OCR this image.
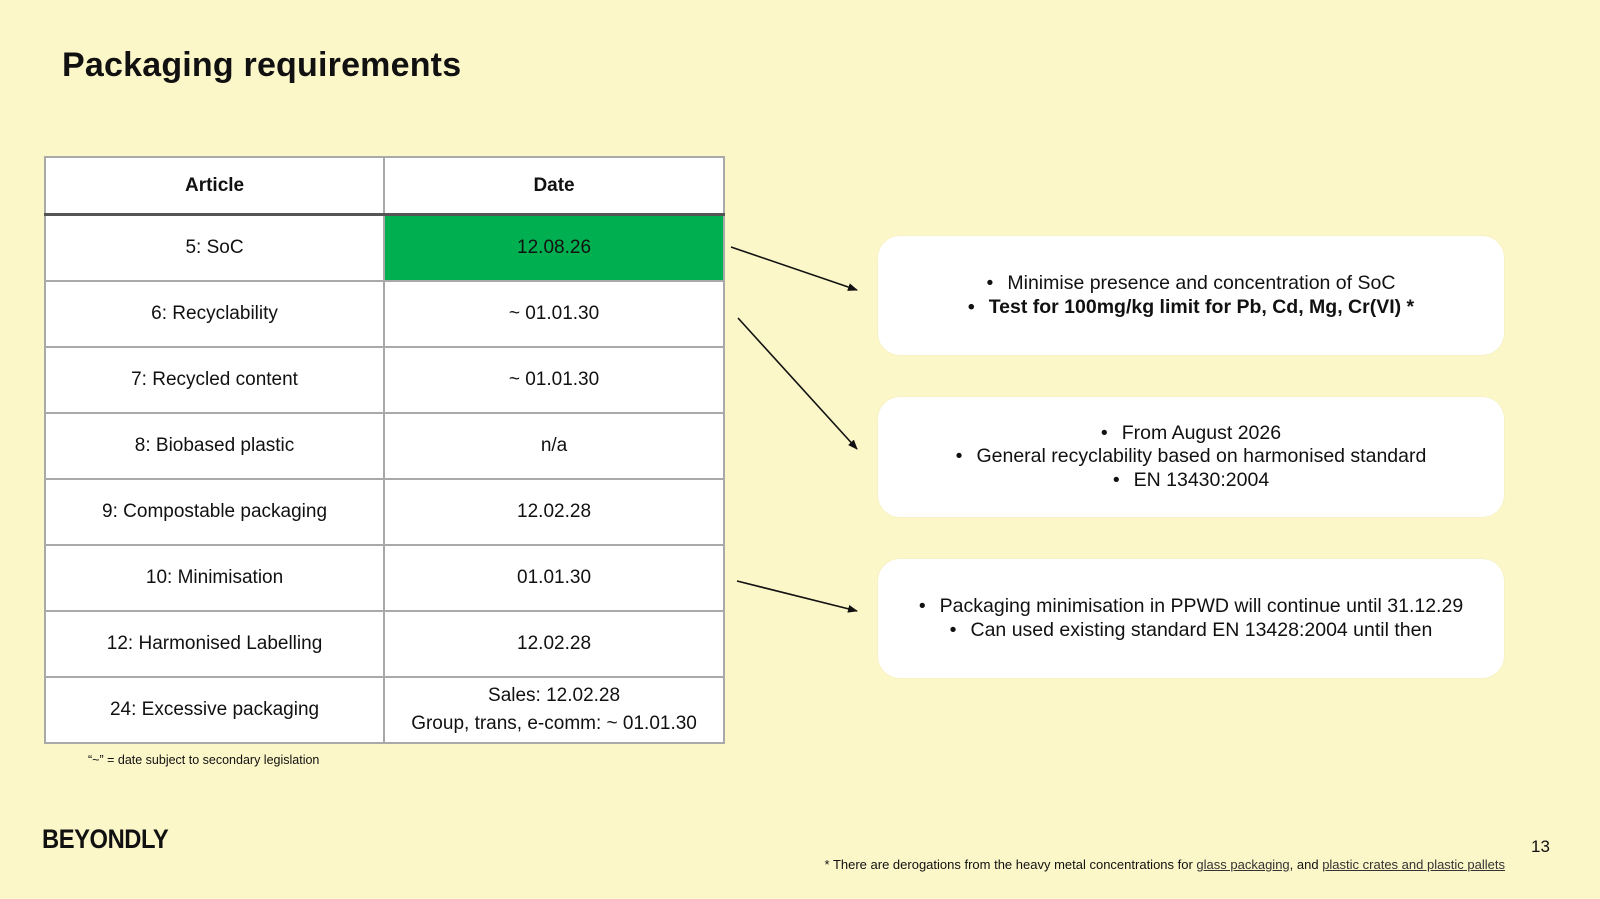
Packaging requirements
Article	Date
5: SoC	12.08.26
6: Recyclability	~ 01.01.30
7: Recycled content	~ 01.01.30
8: Biobased plastic	n/a
9: Compostable packaging	12.02.28
10: Minimisation	01.01.30
12: Harmonised Labelling	12.02.28
24: Excessive packaging	Sales: 12.02.28
Group, trans, e-comm: ~ 01.01.30

“~” = date subject to secondary legislation

• Minimise presence and concentration of SoC
• Test for 100mg/kg limit for Pb, Cd, Mg, Cr(VI) *
• From August 2026
• General recyclability based on harmonised standard
• EN 13430:2004
• Packaging minimisation in PPWD will continue until 31.12.29
• Can used existing standard EN 13428:2004 until then
BEYONDLY	13
* There are derogations from the heavy metal concentrations for glass packaging, and plastic crates and plastic pallets
